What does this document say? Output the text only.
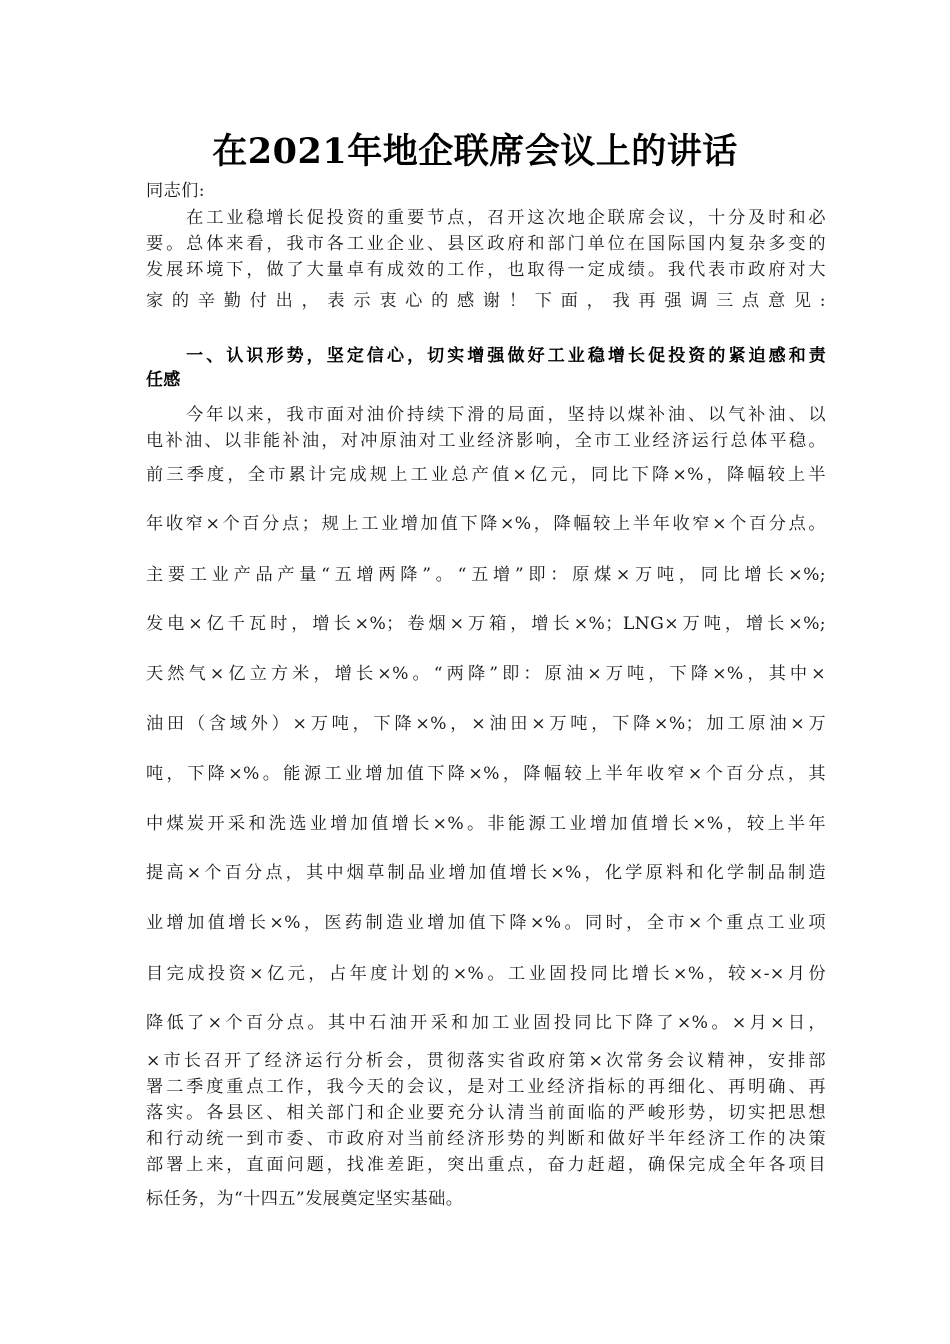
在2021年地企联席会议上的讲话
同志们:
　　在工业稳增长促投资的重要节点，召开这次地企联席会议，十分及时和必
要。总体来看，我市各工业企业、县区政府和部门单位在国际国内复杂多变的
发展环境下，做了大量卓有成效的工作，也取得一定成绩。我代表市政府对大
家的辛勤付出，表示衷心的感谢！下面，我再强调三点意见:
　　一、认识形势，坚定信心，切实增强做好工业稳增长促投资的紧迫感和责
任感
　　今年以来，我市面对油价持续下滑的局面，坚持以煤补油、以气补油、以
电补油、以非能补油，对冲原油对工业经济影响，全市工业经济运行总体平稳。
前三季度，全市累计完成规上工业总产值×亿元，同比下降×%，降幅较上半
年收窄×个百分点；规上工业增加值下降×%，降幅较上半年收窄×个百分点。
主要工业产品产量“五增两降”。“五增”即：原煤×万吨，同比增长×%;
发电×亿千瓦时，增长×%；卷烟×万箱，增长×%；LNG×万吨，增长×%;
天然气×亿立方米，增长×%。“两降”即：原油×万吨，下降×%，其中×
油田（含域外）×万吨，下降×%，×油田×万吨，下降×%；加工原油×万
吨，下降×%。能源工业增加值下降×%，降幅较上半年收窄×个百分点，其
中煤炭开采和洗选业增加值增长×%。非能源工业增加值增长×%，较上半年
提高×个百分点，其中烟草制品业增加值增长×%，化学原料和化学制品制造
业增加值增长×%，医药制造业增加值下降×%。同时，全市×个重点工业项
目完成投资×亿元，占年度计划的×%。工业固投同比增长×%，较×-×月份
降低了×个百分点。其中石油开采和加工业固投同比下降了×%。×月×日，
×市长召开了经济运行分析会，贯彻落实省政府第×次常务会议精神，安排部
署二季度重点工作，我今天的会议，是对工业经济指标的再细化、再明确、再
落实。各县区、相关部门和企业要充分认清当前面临的严峻形势，切实把思想
和行动统一到市委、市政府对当前经济形势的判断和做好半年经济工作的决策
部署上来，直面问题，找准差距，突出重点，奋力赶超，确保完成全年各项目
标任务，为“十四五”发展奠定坚实基础。
